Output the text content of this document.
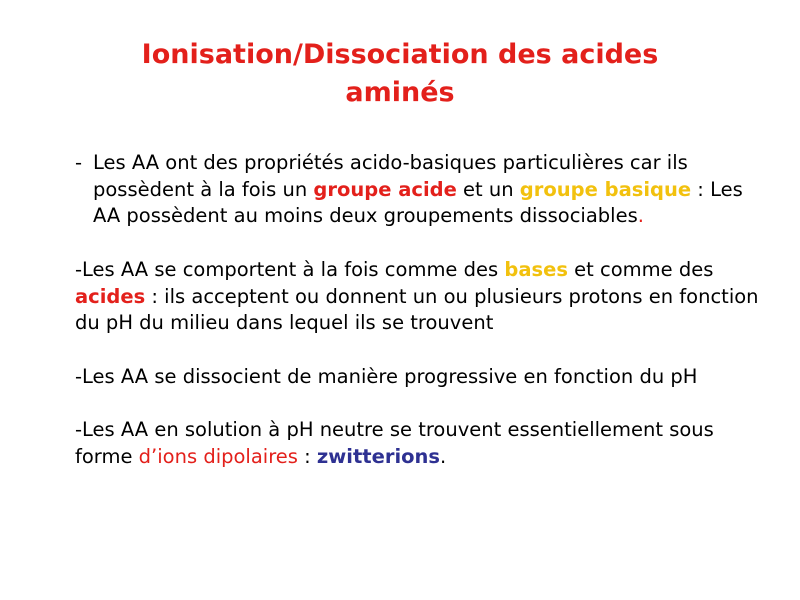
Ionisation/Dissociation des acides
aminés

- Les AA ont des propriétés acido-basiques particulières car ils possèdent à la fois un groupe acide et un groupe basique : Les AA possèdent au moins deux groupements dissociables.

-Les AA se comportent à la fois comme des bases et comme des acides : ils acceptent ou donnent un ou plusieurs protons en fonction du pH du milieu dans lequel ils se trouvent

-Les AA se dissocient de manière progressive en fonction du pH

-Les AA en solution à pH neutre se trouvent essentiellement sous forme d’ions dipolaires : zwitterions.
